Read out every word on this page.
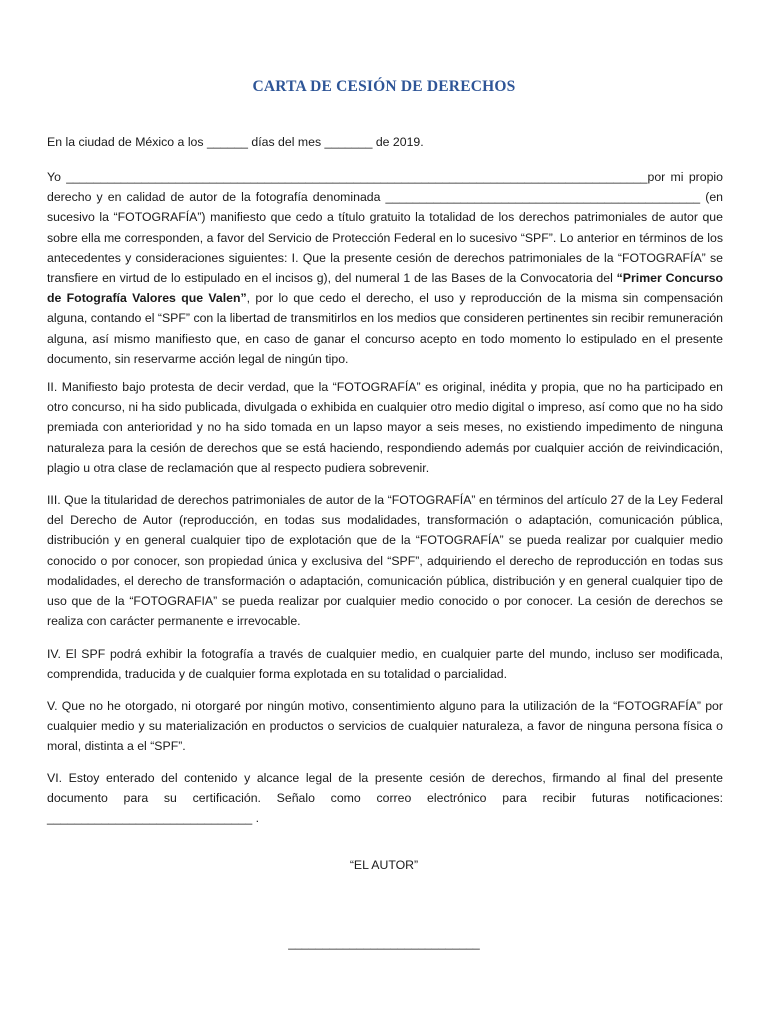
CARTA DE CESIÓN DE DERECHOS

En la ciudad de México a los ______ días del mes _______ de 2019.

Yo _____________________________________________________________________________________por mi propio derecho y en calidad de autor de la fotografía denominada ______________________________________________ (en sucesivo la “FOTOGRAFÍA”) manifiesto que cedo a título gratuito la totalidad de los derechos patrimoniales de autor que sobre ella me corresponden, a favor del Servicio de Protección Federal en lo sucesivo “SPF”. Lo anterior en términos de los antecedentes y consideraciones siguientes: I. Que la presente cesión de derechos patrimoniales de la “FOTOGRAFÍA” se transfiere en virtud de lo estipulado en el incisos g), del numeral 1 de las Bases de la Convocatoria del “Primer Concurso de Fotografía Valores que Valen”, por lo que cedo el derecho, el uso y reproducción de la misma sin compensación alguna, contando el “SPF” con la libertad de transmitirlos en los medios que consideren pertinentes sin recibir remuneración alguna, así mismo manifiesto que, en caso de ganar el concurso acepto en todo momento lo estipulado en el presente documento, sin reservarme acción legal de ningún tipo.

II. Manifiesto bajo protesta de decir verdad, que la “FOTOGRAFÍA” es original, inédita y propia, que no ha participado en otro concurso, ni ha sido publicada, divulgada o exhibida en cualquier otro medio digital o impreso, así como que no ha sido premiada con anterioridad y no ha sido tomada en un lapso mayor a seis meses, no existiendo impedimento de ninguna naturaleza para la cesión de derechos que se está haciendo, respondiendo además por cualquier acción de reivindicación, plagio u otra clase de reclamación que al respecto pudiera sobrevenir.

III. Que la titularidad de derechos patrimoniales de autor de la “FOTOGRAFÍA” en términos del artículo 27 de la Ley Federal del Derecho de Autor (reproducción, en todas sus modalidades, transformación o adaptación, comunicación pública, distribución y en general cualquier tipo de explotación que de la “FOTOGRAFÍA” se pueda realizar por cualquier medio conocido o por conocer, son propiedad única y exclusiva del “SPF”, adquiriendo el derecho de reproducción en todas sus modalidades, el derecho de transformación o adaptación, comunicación pública, distribución y en general cualquier tipo de uso que de la “FOTOGRAFIA” se pueda realizar por cualquier medio conocido o por conocer. La cesión de derechos se realiza con carácter permanente e irrevocable.

IV. El SPF podrá exhibir la fotografía a través de cualquier medio, en cualquier parte del mundo, incluso ser modificada, comprendida, traducida y de cualquier forma explotada en su totalidad o parcialidad.

V. Que no he otorgado, ni otorgaré por ningún motivo, consentimiento alguno para la utilización de la “FOTOGRAFÍA” por cualquier medio y su materialización en productos o servicios de cualquier naturaleza, a favor de ninguna persona física o moral, distinta a el “SPF”.

VI. Estoy enterado del contenido y alcance legal de la presente cesión de derechos, firmando al final del presente documento para su certificación. Señalo como correo electrónico para recibir futuras notificaciones: ______________________________ .

“EL AUTOR”
____________________________
